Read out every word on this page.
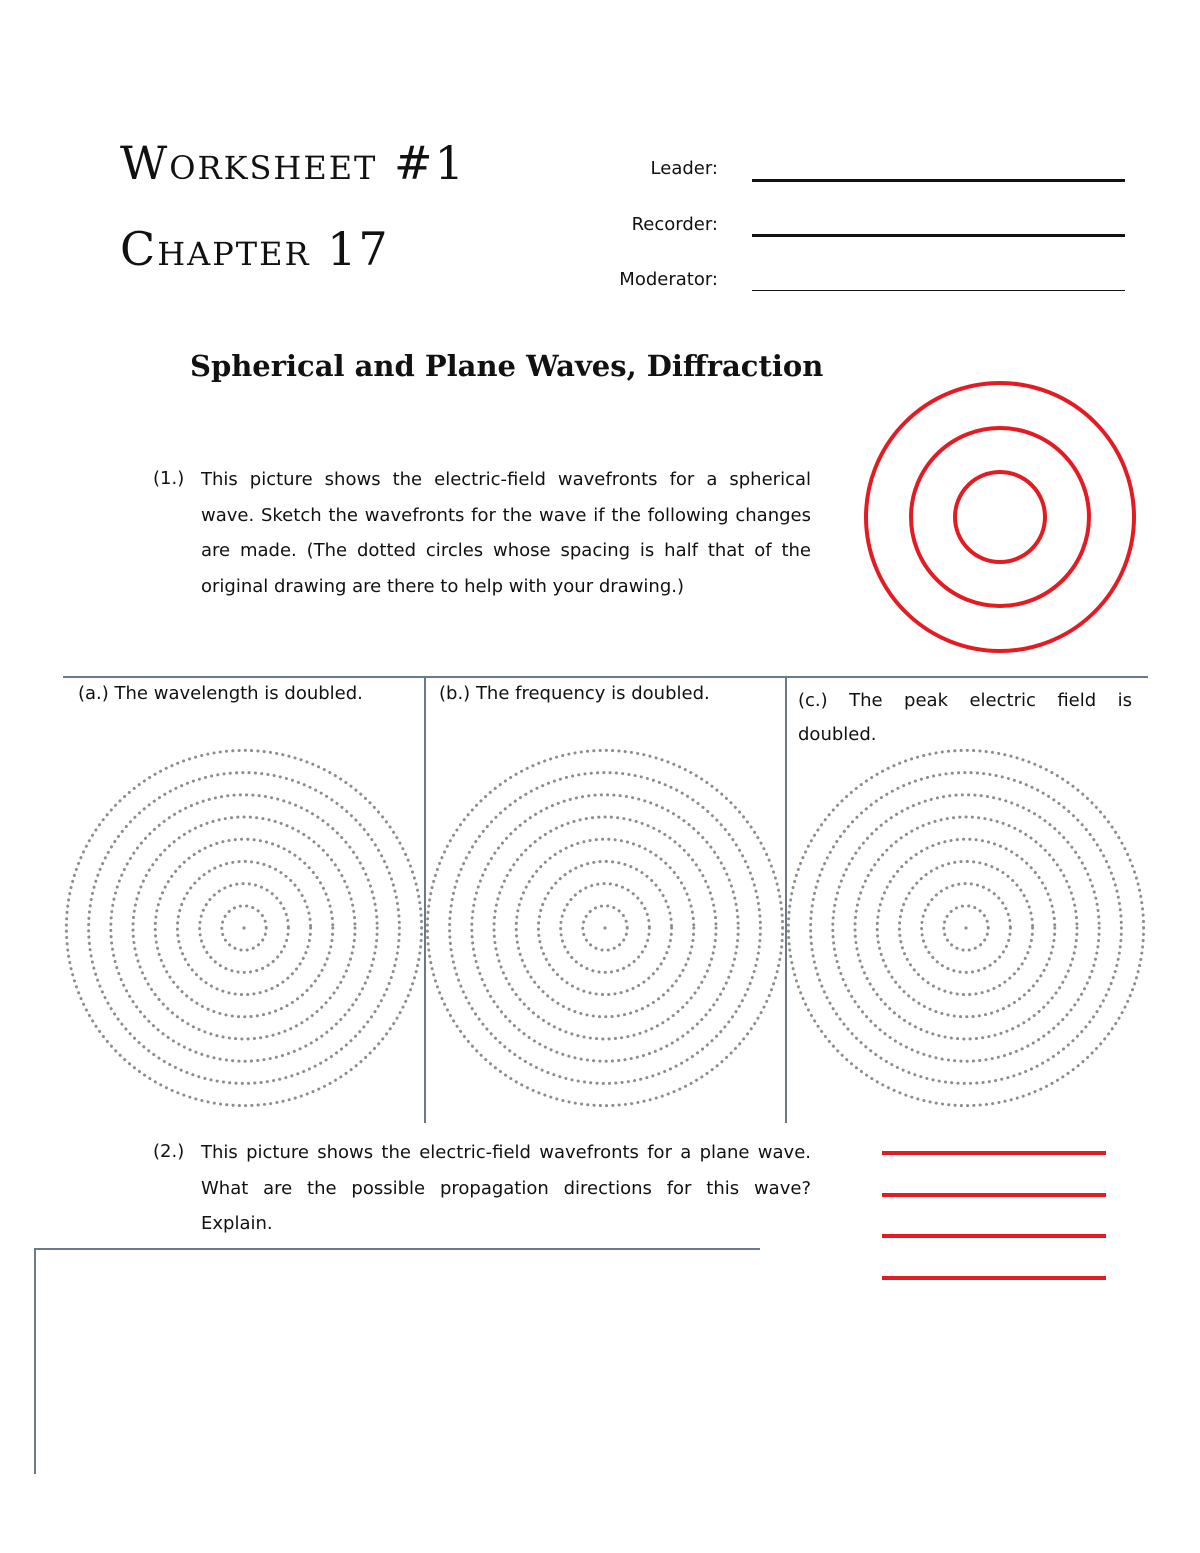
Worksheet #1
Chapter 17
Leader:
Recorder:
Moderator:
Spherical and Plane Waves, Diffraction
(1.) This picture shows the electric-field wavefronts for a spherical wave. Sketch the wavefronts for the wave if the following changes are made. (The dotted circles whose spacing is half that of the original drawing are there to help with your drawing.)
(a.) The wavelength is doubled.	(b.) The frequency is doubled.	(c.) The peak electric field is doubled.
(2.) This picture shows the electric-field wavefronts for a plane wave. What are the possible propagation directions for this wave? Explain.
